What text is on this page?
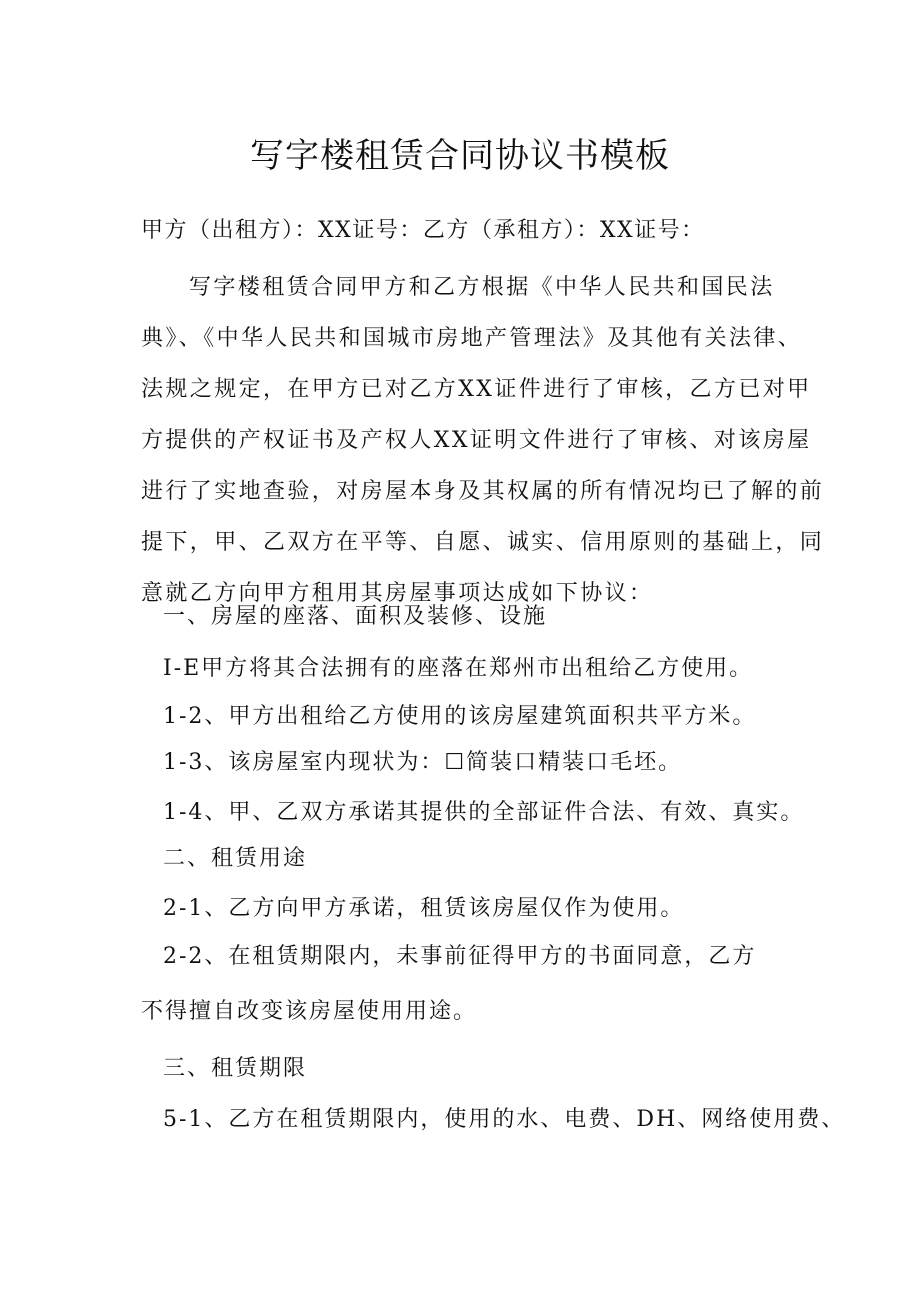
写字楼租赁合同协议书模板
甲方（出租方）：XX证号：乙方（承租方）：XX证号：
写字楼租赁合同甲方和乙方根据《中华人民共和国民法
典》、《中华人民共和国城市房地产管理法》及其他有关法律、
法规之规定，在甲方已对乙方XX证件进行了审核，乙方已对甲
方提供的产权证书及产权人XX证明文件进行了审核、对该房屋
进行了实地查验，对房屋本身及其权属的所有情况均已了解的前
提下，甲、乙双方在平等、自愿、诚实、信用原则的基础上，同
意就乙方向甲方租用其房屋事项达成如下协议：
一、房屋的座落、面积及装修、设施
I-E甲方将其合法拥有的座落在郑州市出租给乙方使用。
1-2、甲方出租给乙方使用的该房屋建筑面积共平方米。
1-3、该房屋室内现状为：☐简装口精装口毛坯。
1-4、甲、乙双方承诺其提供的全部证件合法、有效、真实。
二、租赁用途
2-1、乙方向甲方承诺，租赁该房屋仅作为使用。
2-2、在租赁期限内，未事前征得甲方的书面同意，乙方
不得擅自改变该房屋使用用途。
三、租赁期限
5-1、乙方在租赁期限内，使用的水、电费、DH、网络使用费、
